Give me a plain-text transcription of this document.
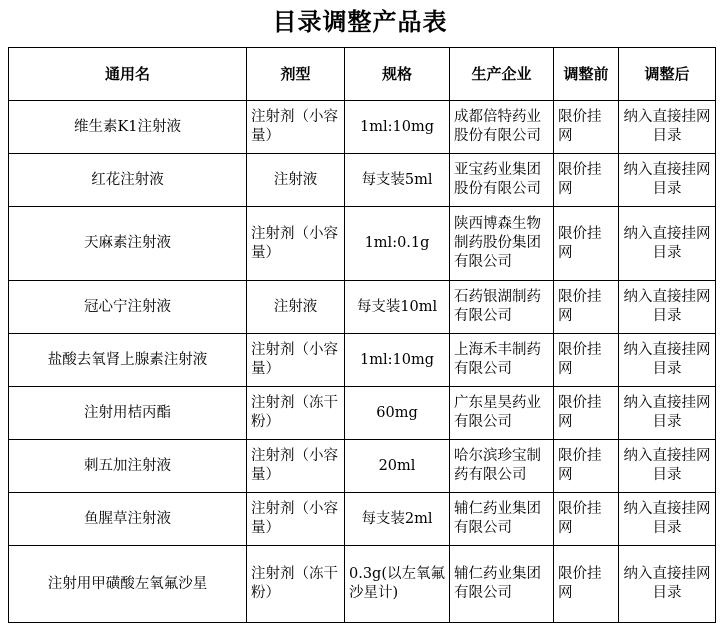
目录调整产品表
通用名	剂型	规格	生产企业	调整前	调整后
维生素K1注射液	注射剂（小容量）	1ml:10mg	成都倍特药业股份有限公司	限价挂网	纳入直接挂网目录
红花注射液	注射液	每支装5ml	亚宝药业集团股份有限公司	限价挂网	纳入直接挂网目录
天麻素注射液	注射剂（小容量）	1ml:0.1g	陕西博森生物制药股份集团有限公司	限价挂网	纳入直接挂网目录
冠心宁注射液	注射液	每支装10ml	石药银湖制药有限公司	限价挂网	纳入直接挂网目录
盐酸去氧肾上腺素注射液	注射剂（小容量）	1ml:10mg	上海禾丰制药有限公司	限价挂网	纳入直接挂网目录
注射用桔丙酯	注射剂（冻干粉）	60mg	广东星昊药业有限公司	限价挂网	纳入直接挂网目录
刺五加注射液	注射剂（小容量）	20ml	哈尔滨珍宝制药有限公司	限价挂网	纳入直接挂网目录
鱼腥草注射液	注射剂（小容量）	每支装2ml	辅仁药业集团有限公司	限价挂网	纳入直接挂网目录
注射用甲磺酸左氧氟沙星	注射剂（冻干粉）	0.3g(以左氧氟沙星计)	辅仁药业集团有限公司	限价挂网	纳入直接挂网目录
